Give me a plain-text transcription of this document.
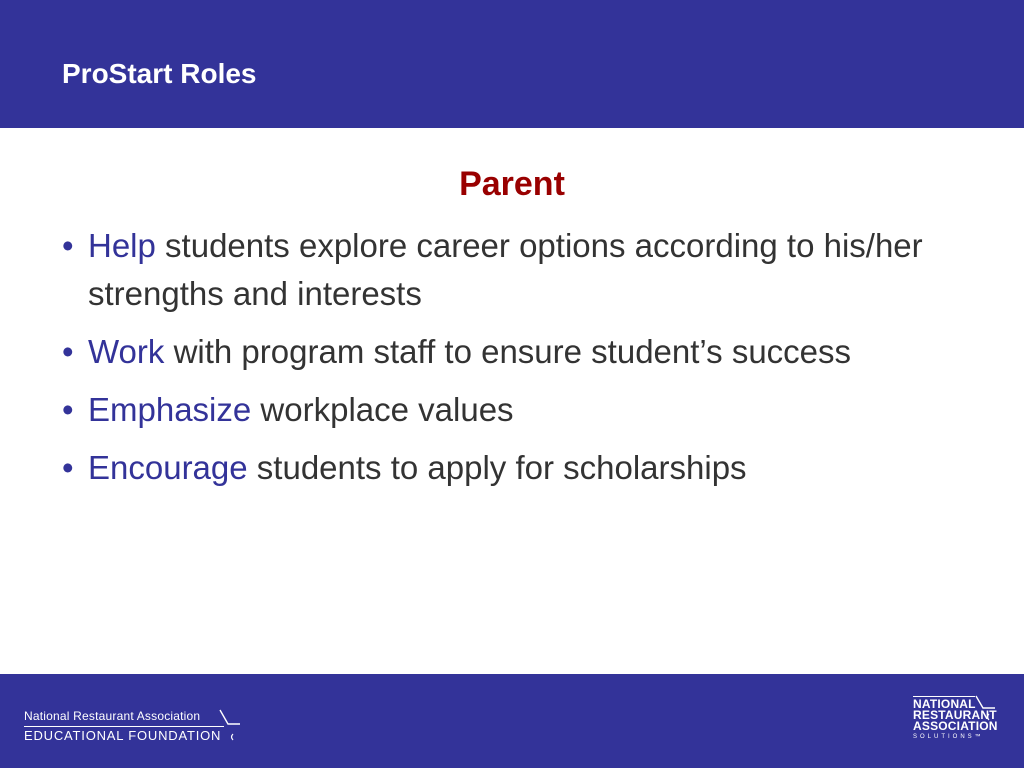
ProStart Roles
Parent
• Help students explore career options according to his/her strengths and interests
• Work with program staff to ensure student’s success
• Emphasize workplace values
• Encourage students to apply for scholarships
National Restaurant Association
EDUCATIONAL FOUNDATION
NATIONAL
RESTAURANT
ASSOCIATION
SOLUTIONS™
